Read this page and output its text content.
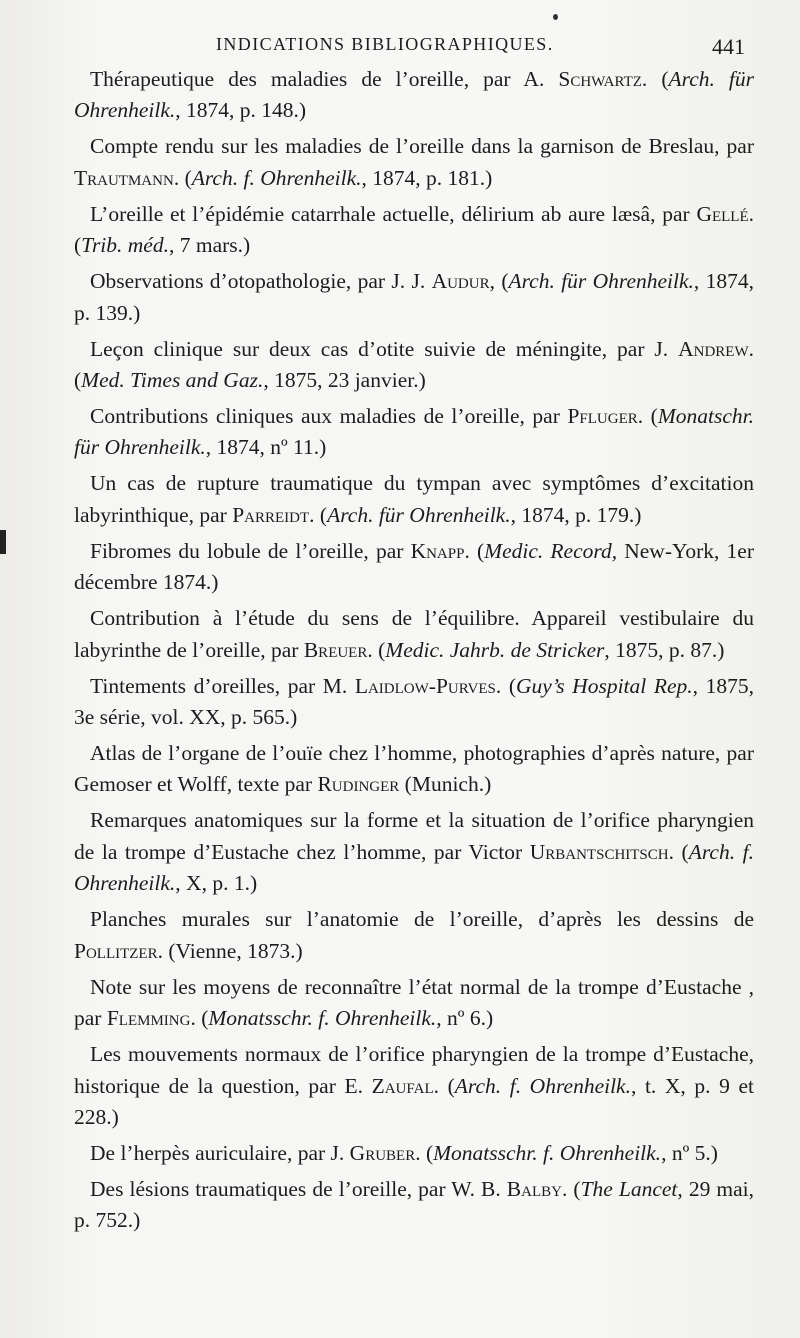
INDICATIONS BIBLIOGRAPHIQUES.	441

Thérapeutique des maladies de l’oreille, par A. Schwartz. (Arch. für Ohrenheilk., 1874, p. 148.)

Compte rendu sur les maladies de l’oreille dans la garnison de Breslau, par Trautmann. (Arch. f. Ohrenheilk., 1874, p. 181.)

L’oreille et l’épidémie catarrhale actuelle, délirium ab aure læsâ, par Gellé. (Trib. méd., 7 mars.)

Observations d’otopathologie, par J. J. Audur, (Arch. für Ohrenheilk., 1874, p. 139.)

Leçon clinique sur deux cas d’otite suivie de méningite, par J. Andrew. (Med. Times and Gaz., 1875, 23 janvier.)

Contributions cliniques aux maladies de l’oreille, par Pfluger. (Monatschr. für Ohrenheilk., 1874, nº 11.)

Un cas de rupture traumatique du tympan avec symptômes d’excitation labyrinthique, par Parreidt. (Arch. für Ohrenheilk., 1874, p. 179.)

Fibromes du lobule de l’oreille, par Knapp. (Medic. Record, New-York, 1er décembre 1874.)

Contribution à l’étude du sens de l’équilibre. Appareil vestibulaire du labyrinthe de l’oreille, par Breuer. (Medic. Jahrb. de Stricker, 1875, p. 87.)

Tintements d’oreilles, par M. Laidlow-Purves. (Guy’s Hospital Rep., 1875, 3e série, vol. XX, p. 565.)

Atlas de l’organe de l’ouïe chez l’homme, photographies d’après nature, par Gemoser et Wolff, texte par Rudinger (Munich.)

Remarques anatomiques sur la forme et la situation de l’orifice pharyngien de la trompe d’Eustache chez l’homme, par Victor Urbantschitsch. (Arch. f. Ohrenheilk., X, p. 1.)

Planches murales sur l’anatomie de l’oreille, d’après les dessins de Pollitzer. (Vienne, 1873.)

Note sur les moyens de reconnaître l’état normal de la trompe d’Eustache , par Flemming. (Monatsschr. f. Ohrenheilk., nº 6.)

Les mouvements normaux de l’orifice pharyngien de la trompe d’Eustache, historique de la question, par E. Zaufal. (Arch. f. Ohrenheilk., t. X, p. 9 et 228.)

De l’herpès auriculaire, par J. Gruber. (Monatsschr. f. Ohrenheilk., nº 5.)

Des lésions traumatiques de l’oreille, par W. B. Balby. (The Lancet, 29 mai, p. 752.)
